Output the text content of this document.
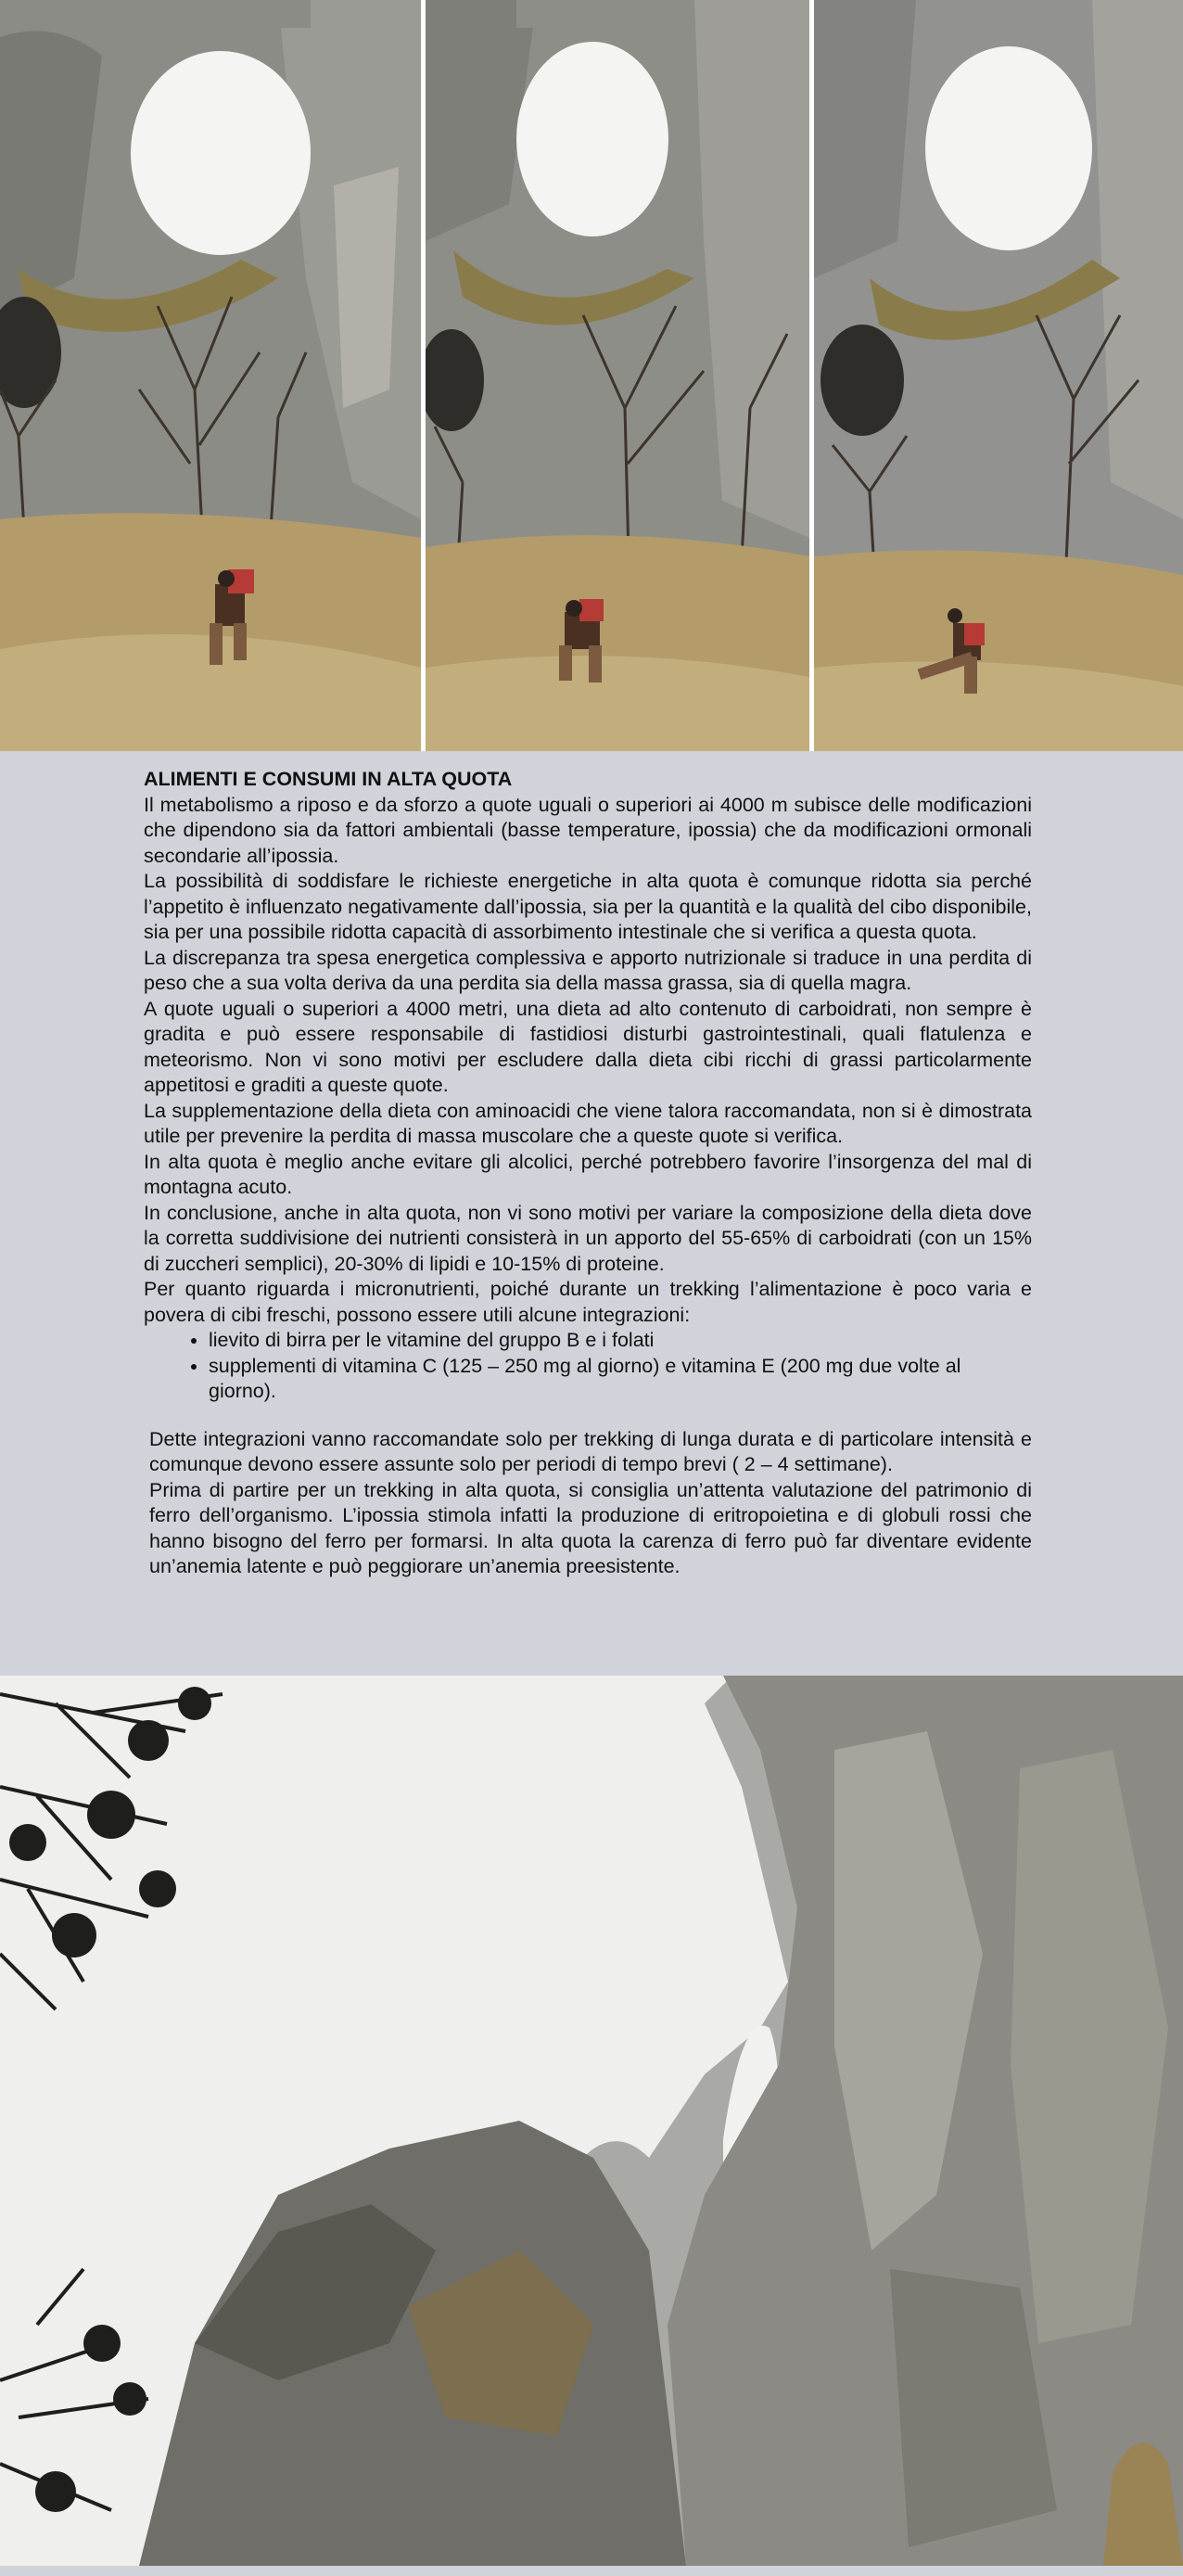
ALIMENTI E CONSUMI IN ALTA QUOTA

Il metabolismo a riposo e da sforzo a quote uguali o superiori ai 4000 m subisce delle modificazioni che dipendono sia da fattori ambientali (basse temperature, ipossia) che da modificazioni ormonali secondarie all’ipossia.

La possibilità di soddisfare le richieste energetiche in alta quota è comunque ridotta sia perché l’appetito è influenzato negativamente dall’ipossia, sia per la quantità e la qualità del cibo disponibile, sia per una possibile ridotta capacità di assorbimento intestinale che si verifica a questa quota.

La discrepanza tra spesa energetica complessiva e apporto nutrizionale si traduce in una perdita di peso che a sua volta deriva da una perdita sia della massa grassa, sia di quella magra.

A quote uguali o superiori a 4000 metri, una dieta ad alto contenuto di carboidrati, non sempre è gradita e può essere responsabile di fastidiosi disturbi gastrointestinali, quali flatulenza e meteorismo. Non vi sono motivi per escludere dalla dieta cibi ricchi di grassi particolarmente appetitosi e graditi a queste quote.

La supplementazione della dieta con aminoacidi che viene talora raccomandata, non si è dimostrata utile per prevenire la perdita di massa muscolare che a queste quote si verifica.

In alta quota è meglio anche evitare gli alcolici, perché potrebbero favorire l’insorgenza del mal di montagna acuto.

In conclusione, anche in alta quota, non vi sono motivi per variare la composizione della dieta dove la corretta suddivisione dei nutrienti consisterà in un apporto del 55-65% di carboidrati (con un 15% di zuccheri semplici), 20-30% di lipidi e 10-15% di proteine.

Per quanto riguarda i micronutrienti, poiché durante un trekking l’alimentazione è poco varia e povera di cibi freschi, possono essere utili alcune integrazioni:

• lievito di birra per le vitamine del gruppo B e i folati
• supplementi di vitamina C (125 – 250 mg al giorno) e vitamina E (200 mg due volte al giorno).

Dette integrazioni vanno raccomandate solo per trekking di lunga durata e di particolare intensità e comunque devono essere assunte solo per periodi di tempo brevi ( 2 – 4 settimane).

Prima di partire per un trekking in alta quota, si consiglia un’attenta valutazione del patrimonio di ferro dell’organismo. L’ipossia stimola infatti la produzione di eritropoietina e di globuli rossi che hanno bisogno del ferro per formarsi. In alta quota la carenza di ferro può far diventare evidente un’anemia latente e può peggiorare un’anemia preesistente.
